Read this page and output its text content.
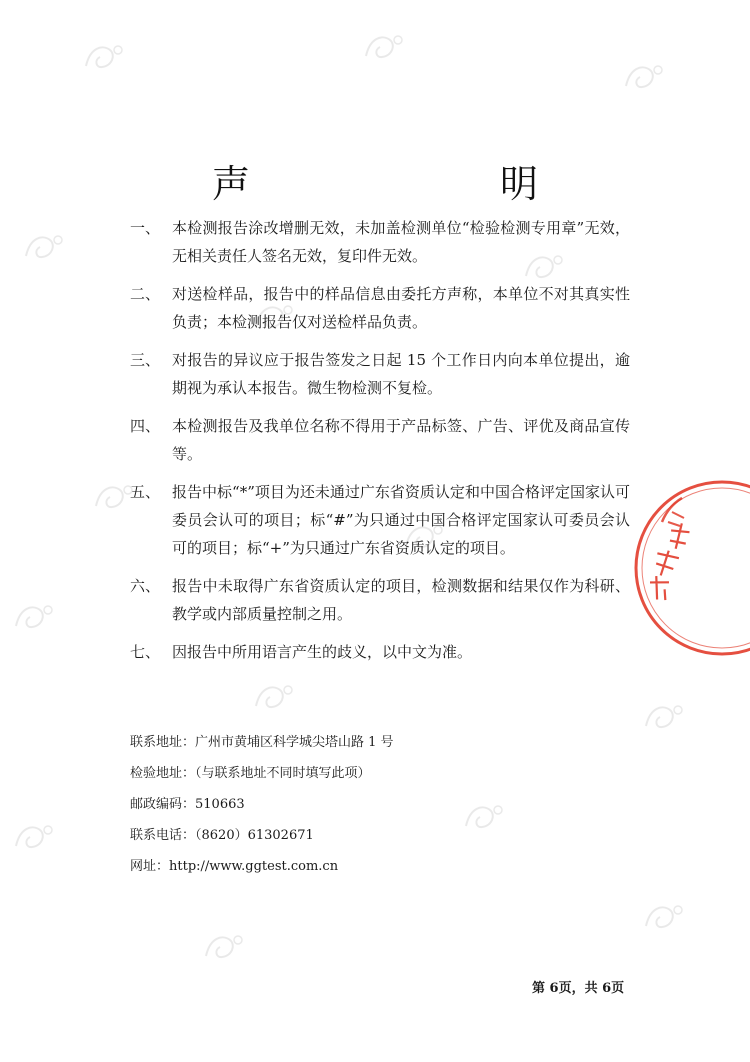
声　　明
一、 本检测报告涂改增删无效，未加盖检测单位“检验检测专用章”无效，无相关责任人签名无效，复印件无效。
二、 对送检样品，报告中的样品信息由委托方声称，本单位不对其真实性负责；本检测报告仅对送检样品负责。
三、 对报告的异议应于报告签发之日起 15 个工作日内向本单位提出，逾期视为承认本报告。微生物检测不复检。
四、 本检测报告及我单位名称不得用于产品标签、广告、评优及商品宣传等。
五、 报告中标“*”项目为还未通过广东省资质认定和中国合格评定国家认可委员会认可的项目；标“#”为只通过中国合格评定国家认可委员会认可的项目；标“+”为只通过广东省资质认定的项目。
六、 报告中未取得广东省资质认定的项目，检测数据和结果仅作为科研、教学或内部质量控制之用。
七、 因报告中所用语言产生的歧义，以中文为准。
联系地址：广州市黄埔区科学城尖塔山路 1 号
检验地址：（与联系地址不同时填写此项）
邮政编码：510663
联系电话：（8620）61302671
网址：http://www.ggtest.com.cn
第 6页，共 6页
